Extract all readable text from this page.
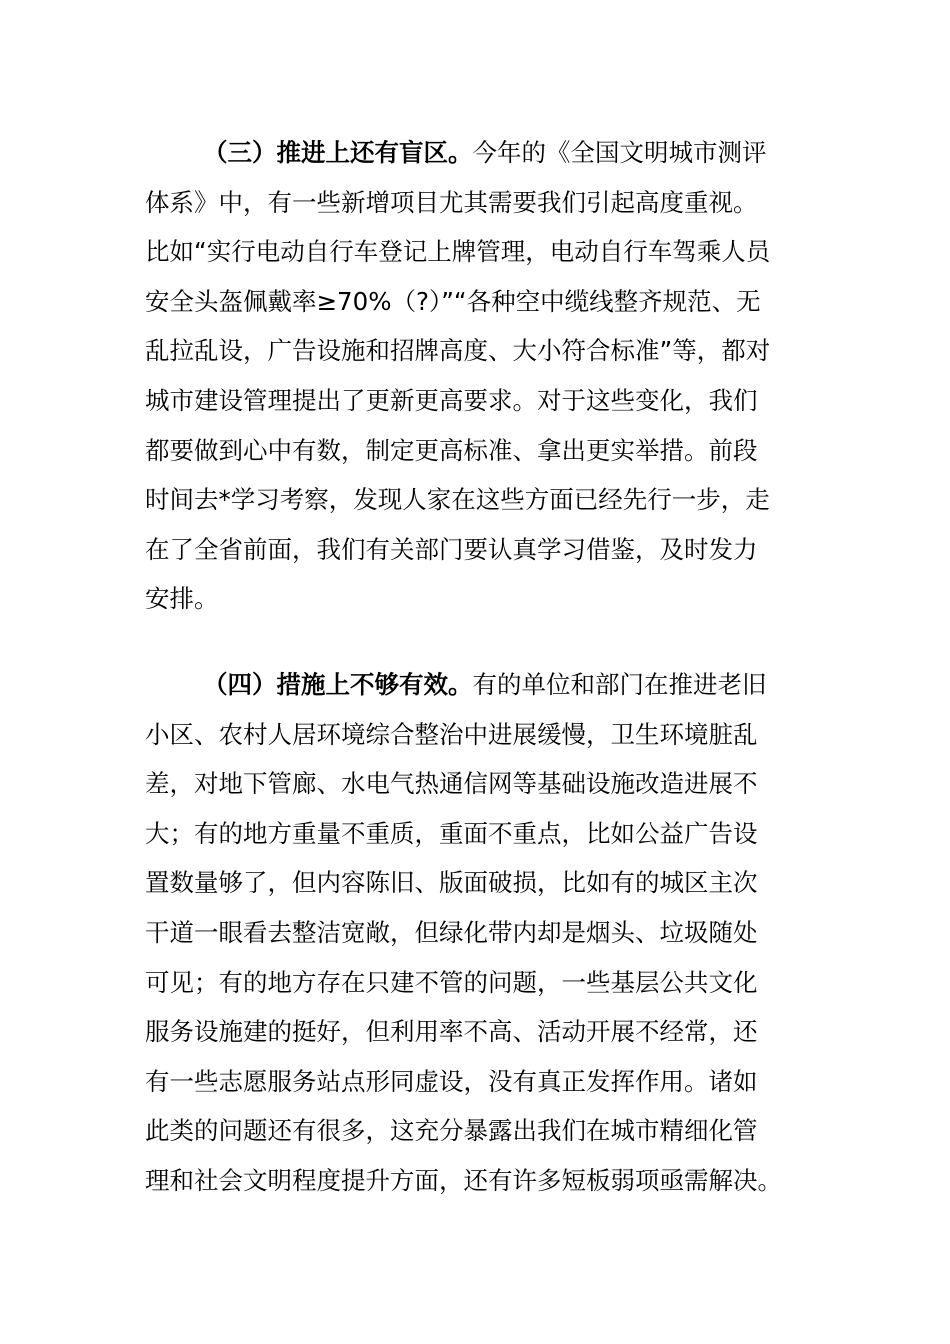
（三）推进上还有盲区。今年的《全国文明城市测评
体系》中，有一些新增项目尤其需要我们引起高度重视。
比如“实行电动自行车登记上牌管理，电动自行车驾乘人员
安全头盔佩戴率≥70%（?）”“各种空中缆线整齐规范、无
乱拉乱设，广告设施和招牌高度、大小符合标准”等，都对
城市建设管理提出了更新更高要求。对于这些变化，我们
都要做到心中有数，制定更高标准、拿出更实举措。前段
时间去*学习考察，发现人家在这些方面已经先行一步，走
在了全省前面，我们有关部门要认真学习借鉴，及时发力
安排。
（四）措施上不够有效。有的单位和部门在推进老旧
小区、农村人居环境综合整治中进展缓慢，卫生环境脏乱
差，对地下管廊、水电气热通信网等基础设施改造进展不
大；有的地方重量不重质，重面不重点，比如公益广告设
置数量够了，但内容陈旧、版面破损，比如有的城区主次
干道一眼看去整洁宽敞，但绿化带内却是烟头、垃圾随处
可见；有的地方存在只建不管的问题，一些基层公共文化
服务设施建的挺好，但利用率不高、活动开展不经常，还
有一些志愿服务站点形同虚设，没有真正发挥作用。诸如
此类的问题还有很多，这充分暴露出我们在城市精细化管
理和社会文明程度提升方面，还有许多短板弱项亟需解决。
